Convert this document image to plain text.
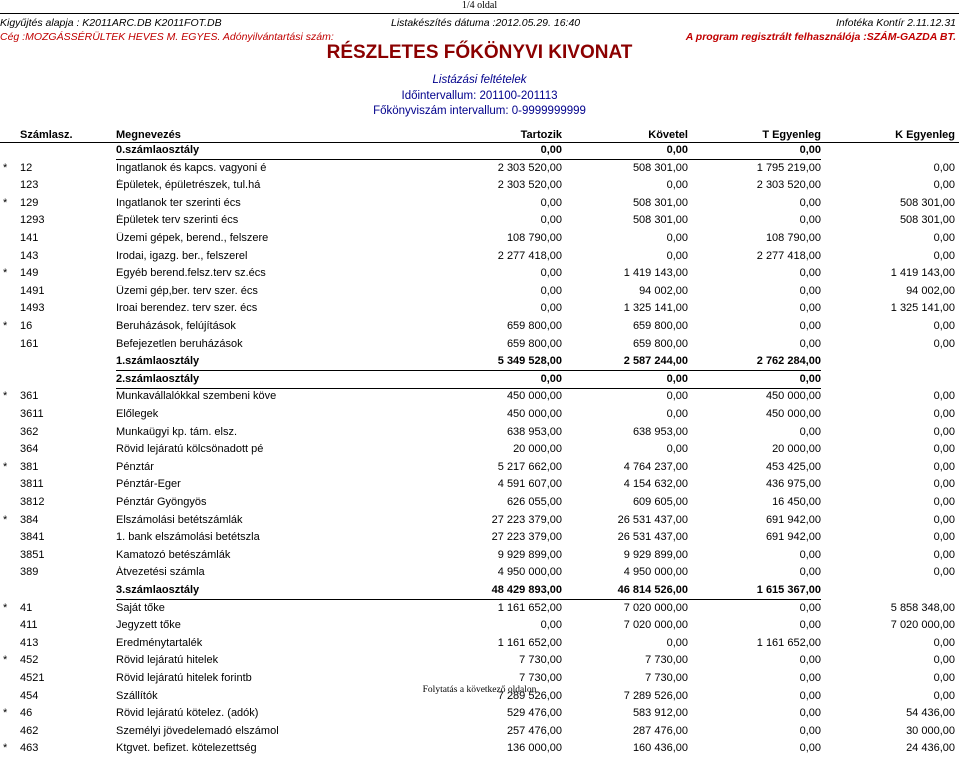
1/4 oldal
Kigyűjtés alapja : K2011ARC.DB K2011FOT.DB
Cég :MOZGÁSSÉRÜLTEK HEVES M. EGYES. Adónyilvántartási szám:
Listakészítés dátuma :2012.05.29. 16:40	Infotéka Kontír 2.11.12.31
A program regisztrált felhasználója :SZÁM-GAZDA BT.
RÉSZLETES FŐKÖNYVI KIVONAT
Listázási feltételek
Időintervallum: 201100-201113
Főkönyviszám intervallum: 0-9999999999
Számlasz.	Megnevezés	Tartozik	Követel	T Egyenleg	K Egyenleg
0.számlaosztály	0,00	0,00	0,00
* 12	Ingatlanok és kapcs. vagyoni é	2 303 520,00	508 301,00	1 795 219,00	0,00
123	Épületek, épületrészek, tul.há	2 303 520,00	0,00	2 303 520,00	0,00
* 129	Ingatlanok ter szerinti écs	0,00	508 301,00	0,00	508 301,00
1293	Épületek terv szerinti écs	0,00	508 301,00	0,00	508 301,00
141	Üzemi gépek, berend., felszere	108 790,00	0,00	108 790,00	0,00
143	Irodai, igazg. ber., felszerel	2 277 418,00	0,00	2 277 418,00	0,00
* 149	Egyéb berend.felsz.terv sz.écs	0,00	1 419 143,00	0,00	1 419 143,00
1491	Üzemi gép,ber. terv szer. écs	0,00	94 002,00	0,00	94 002,00
1493	Iroai berendez. terv szer. écs	0,00	1 325 141,00	0,00	1 325 141,00
* 16	Beruházások, felújítások	659 800,00	659 800,00	0,00	0,00
161	Befejezetlen beruházások	659 800,00	659 800,00	0,00	0,00
1.számlaosztály	5 349 528,00	2 587 244,00	2 762 284,00
2.számlaosztály	0,00	0,00	0,00
* 361	Munkavállalókkal szembeni köve	450 000,00	0,00	450 000,00	0,00
3611	Előlegek	450 000,00	0,00	450 000,00	0,00
362	Munkaügyi kp. tám. elsz.	638 953,00	638 953,00	0,00	0,00
364	Rövid lejáratú kölcsönadott pé	20 000,00	0,00	20 000,00	0,00
* 381	Pénztár	5 217 662,00	4 764 237,00	453 425,00	0,00
3811	Pénztár-Eger	4 591 607,00	4 154 632,00	436 975,00	0,00
3812	Pénztár Gyöngyös	626 055,00	609 605,00	16 450,00	0,00
* 384	Elszámolási betétszámlák	27 223 379,00	26 531 437,00	691 942,00	0,00
3841	1. bank elszámolási betétszla	27 223 379,00	26 531 437,00	691 942,00	0,00
3851	Kamatozó betészámlák	9 929 899,00	9 929 899,00	0,00	0,00
389	Átvezetési számla	4 950 000,00	4 950 000,00	0,00	0,00
3.számlaosztály	48 429 893,00	46 814 526,00	1 615 367,00
* 41	Saját tőke	1 161 652,00	7 020 000,00	0,00	5 858 348,00
411	Jegyzett tőke	0,00	7 020 000,00	0,00	7 020 000,00
413	Eredménytartalék	1 161 652,00	0,00	1 161 652,00	0,00
* 452	Rövid lejáratú hitelek	7 730,00	7 730,00	0,00	0,00
4521	Rövid lejáratú hitelek forintb	7 730,00	7 730,00	0,00	0,00
454	Szállítók	7 289 526,00	7 289 526,00	0,00	0,00
* 46	Rövid lejáratú kötelez. (adók)	529 476,00	583 912,00	0,00	54 436,00
462	Személyi jövedelemadó elszámol	257 476,00	287 476,00	0,00	30 000,00
* 463	Ktgvet. befizet. kötelezettség	136 000,00	160 436,00	0,00	24 436,00
Folytatás a következő oldalon
